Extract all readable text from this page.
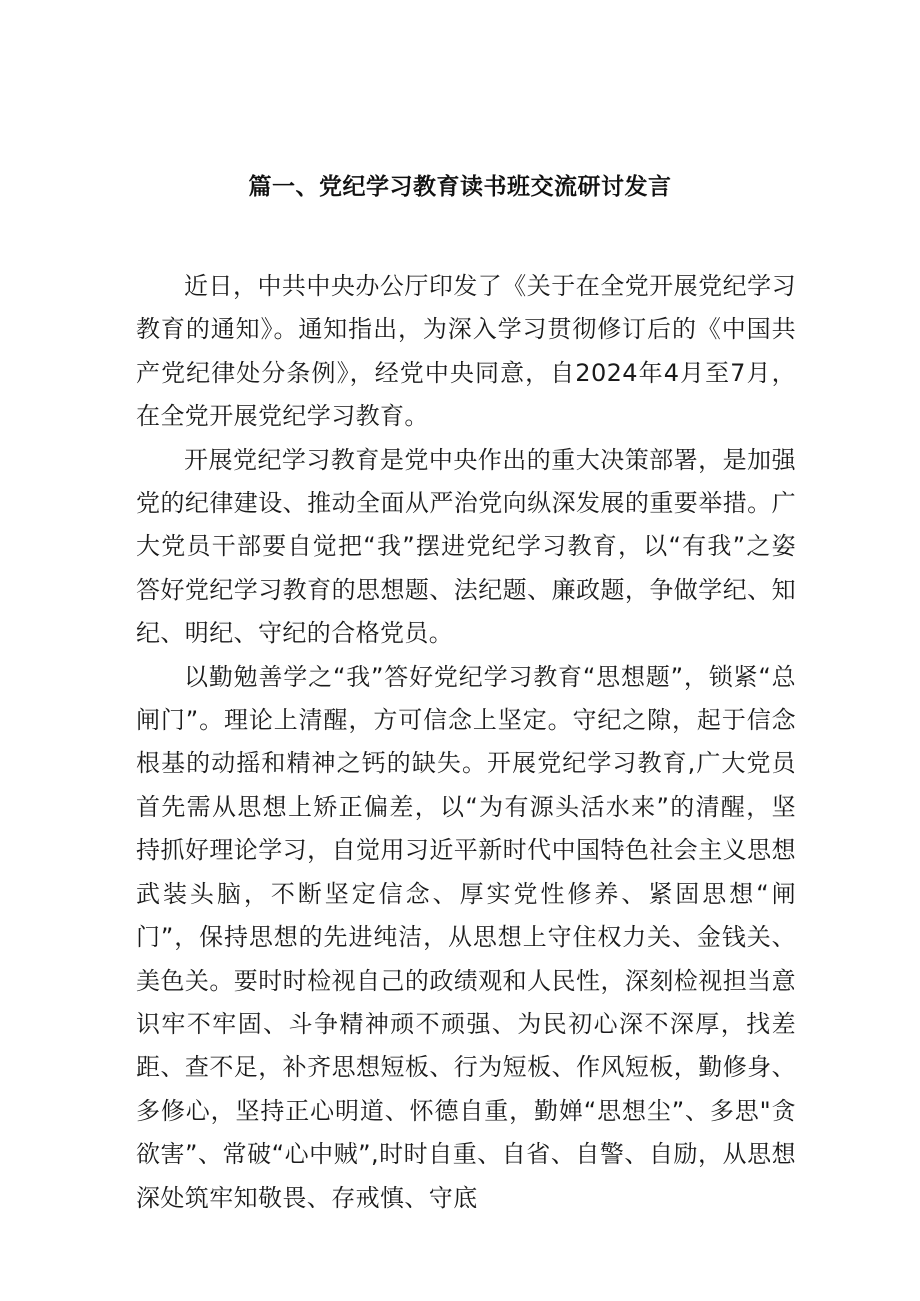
篇一、党纪学习教育读书班交流研讨发言

近日，中共中央办公厅印发了《关于在全党开展党纪学习教育的通知》。通知指出，为深入学习贯彻修订后的《中国共产党纪律处分条例》，经党中央同意，自2024年4月至7月，在全党开展党纪学习教育。

开展党纪学习教育是党中央作出的重大决策部署，是加强党的纪律建设、推动全面从严治党向纵深发展的重要举措。广大党员干部要自觉把“我”摆进党纪学习教育，以“有我”之姿答好党纪学习教育的思想题、法纪题、廉政题，争做学纪、知纪、明纪、守纪的合格党员。

以勤勉善学之“我”答好党纪学习教育“思想题”，锁紧“总闸门”。理论上清醒，方可信念上坚定。守纪之隙，起于信念根基的动摇和精神之钙的缺失。开展党纪学习教育,广大党员首先需从思想上矫正偏差，以“为有源头活水来”的清醒，坚持抓好理论学习，自觉用习近平新时代中国特色社会主义思想武装头脑，不断坚定信念、厚实党性修养、紧固思想“闸门”，保持思想的先进纯洁，从思想上守住权力关、金钱关、美色关。要时时检视自己的政绩观和人民性，深刻检视担当意识牢不牢固、斗争精神顽不顽强、为民初心深不深厚，找差距、查不足，补齐思想短板、行为短板、作风短板，勤修身、多修心，坚持正心明道、怀德自重，勤婵“思想尘”、多思"贪欲害”、常破“心中贼”,时时自重、自省、自警、自励，从思想深处筑牢知敬畏、存戒慎、守底
